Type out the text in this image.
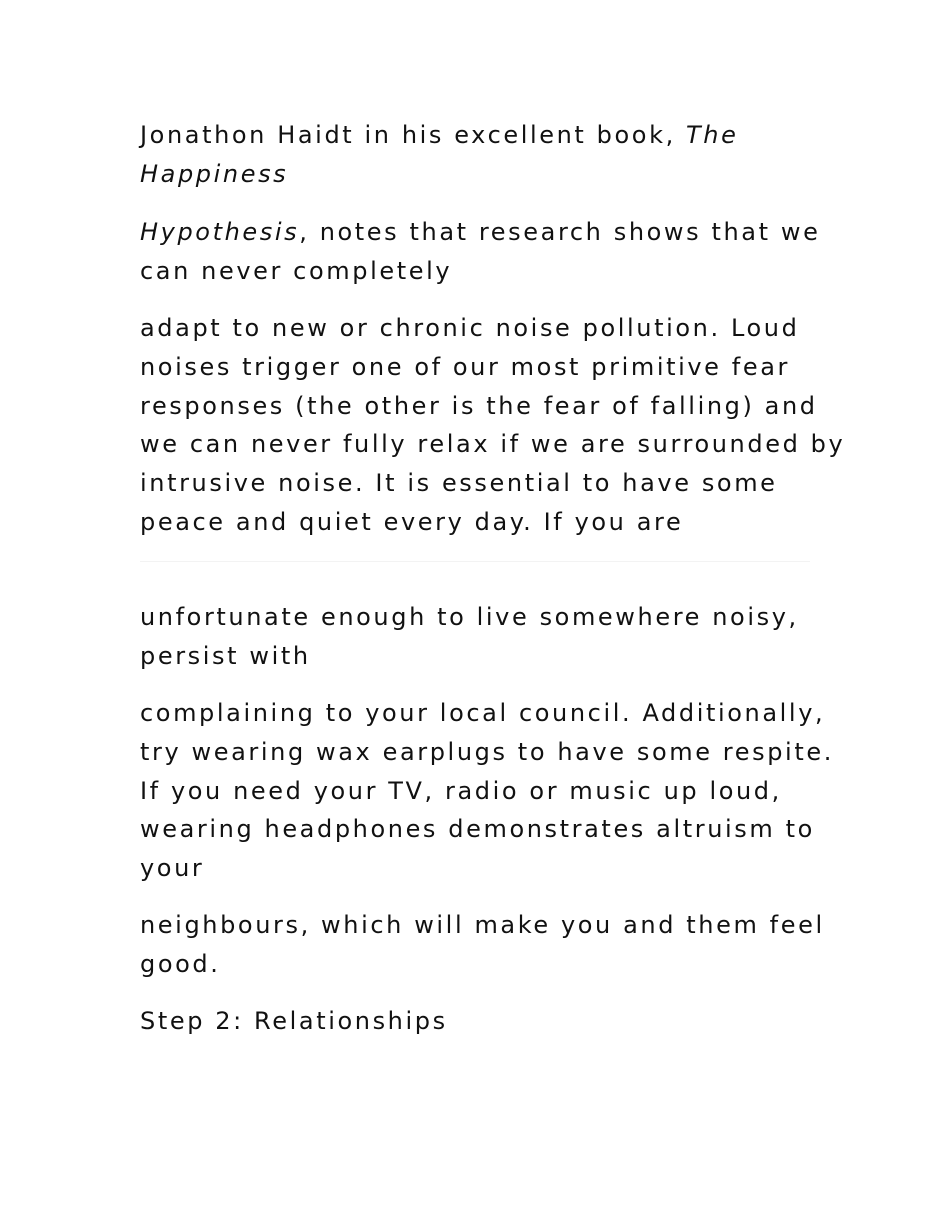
Jonathon Haidt in his excellent book, The
Happiness

Hypothesis, notes that research shows that we
can never completely

adapt to new or chronic noise pollution. Loud
noises trigger one of our most primitive fear
responses (the other is the fear of falling) and
we can never fully relax if we are surrounded by
intrusive noise. It is essential to have some
peace and quiet every day. If you are

unfortunate enough to live somewhere noisy,
persist with

complaining to your local council. Additionally,
try wearing wax earplugs to have some respite.
If you need your TV, radio or music up loud,
wearing headphones demonstrates altruism to
your

neighbours, which will make you and them feel
good.

Step 2: Relationships
